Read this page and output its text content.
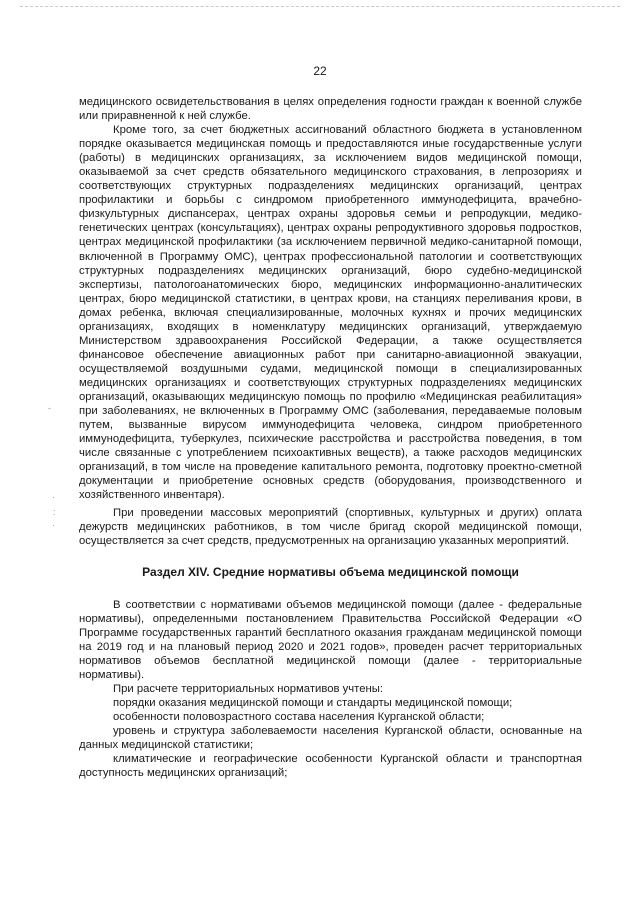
22
-
·
:
·

медицинского освидетельствования в целях определения годности граждан к военной службе или приравненной к ней службе.

Кроме того, за счет бюджетных ассигнований областного бюджета в установленном порядке оказывается медицинская помощь и предоставляются иные государственные услуги (работы) в медицинских организациях, за исключением видов медицинской помощи, оказываемой за счет средств обязательного медицинского страхования, в лепрозориях и соответствующих структурных подразделениях медицинских организаций, центрах профилактики и борьбы с синдромом приобретенного иммунодефицита, врачебно-физкультурных диспансерах, центрах охраны здоровья семьи и репродукции, медико-генетических центрах (консультациях), центрах охраны репродуктивного здоровья подростков, центрах медицинской профилактики (за исключением первичной медико-санитарной помощи, включенной в Программу ОМС), центрах профессиональной патологии и соответствующих структурных подразделениях медицинских организаций, бюро судебно-медицинской экспертизы, патологоанатомических бюро, медицинских информационно-аналитических центрах, бюро медицинской статистики, в центрах крови, на станциях переливания крови, в домах ребенка, включая специализированные, молочных кухнях и прочих медицинских организациях, входящих в номенклатуру медицинских организаций, утверждаемую Министерством здравоохранения Российской Федерации, а также осуществляется финансовое обеспечение авиационных работ при санитарно-авиационной эвакуации, осуществляемой воздушными судами, медицинской помощи в специализированных медицинских организациях и соответствующих структурных подразделениях медицинских организаций, оказывающих медицинскую помощь по профилю «Медицинская реабилитация» при заболеваниях, не включенных в Программу ОМС (заболевания, передаваемые половым путем, вызванные вирусом иммунодефицита человека, синдром приобретенного иммунодефицита, туберкулез, психические расстройства и расстройства поведения, в том числе связанные с употреблением психоактивных веществ), а также расходов медицинских организаций, в том числе на проведение капитального ремонта, подготовку проектно-сметной документации и приобретение основных средств (оборудования, производственного и хозяйственного инвентаря).

При проведении массовых мероприятий (спортивных, культурных и других) оплата дежурств медицинских работников, в том числе бригад скорой медицинской помощи, осуществляется за счет средств, предусмотренных на организацию указанных мероприятий.

Раздел XIV. Средние нормативы объема медицинской помощи

В соответствии с нормативами объемов медицинской помощи (далее - федеральные нормативы), определенными постановлением Правительства Российской Федерации «О Программе государственных гарантий бесплатного оказания гражданам медицинской помощи на 2019 год и на плановый период 2020 и 2021 годов», проведен расчет территориальных нормативов объемов бесплатной медицинской помощи (далее - территориальные нормативы).

При расчете территориальных нормативов учтены:

порядки оказания медицинской помощи и стандарты медицинской помощи;

особенности половозрастного состава населения Курганской области;

уровень и структура заболеваемости населения Курганской области, основанные на данных медицинской статистики;

климатические и географические особенности Курганской области и транспортная доступность медицинских организаций;
